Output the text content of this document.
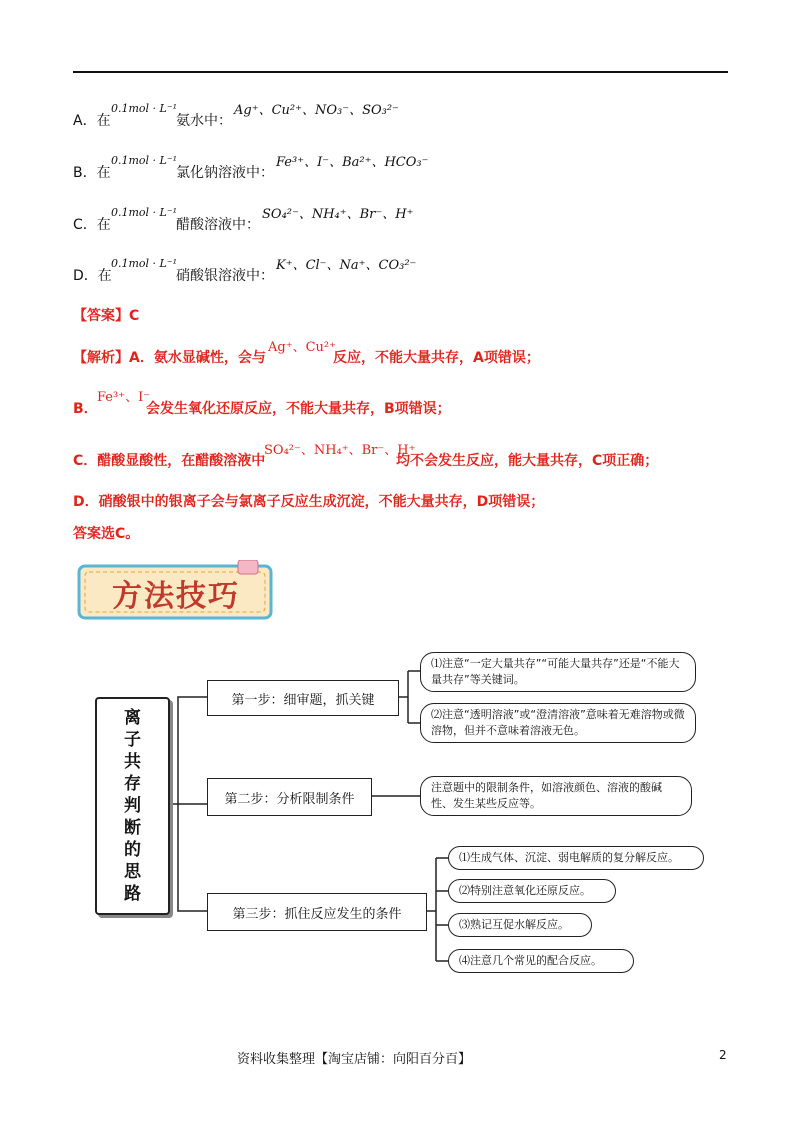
A．在
0.1mol · L⁻¹
氨水中：
Ag⁺、Cu²⁺、NO₃⁻、SO₃²⁻
B．在
0.1mol · L⁻¹
氯化钠溶液中：
Fe³⁺、I⁻、Ba²⁺、HCO₃⁻
C．在
0.1mol · L⁻¹
醋酸溶液中：
SO₄²⁻、NH₄⁺、Br⁻、H⁺
D．在
0.1mol · L⁻¹
硝酸银溶液中：
K⁺、Cl⁻、Na⁺、CO₃²⁻
【答案】C
【解析】A．氨水显碱性，会与
Ag⁺、Cu²⁺
反应，不能大量共存，A项错误；
B．
Fe³⁺、I⁻
会发生氧化还原反应，不能大量共存，B项错误；
C．醋酸显酸性，在醋酸溶液中
SO₄²⁻、NH₄⁺、Br⁻、H⁺
均不会发生反应，能大量共存，C项正确；
D．硝酸银中的银离子会与氯离子反应生成沉淀，不能大量共存，D项错误；
答案选C。
方法技巧
离子共存判断的思路
第一步：细审题，抓关键
第二步：分析限制条件
第三步：抓住反应发生的条件
⑴注意“一定大量共存”“可能大量共存”还是“不能大量共存”等关键词。
⑵注意“透明溶液”或“澄清溶液”意味着无难溶物或微溶物，但并不意味着溶液无色。
注意题中的限制条件，如溶液颜色、溶液的酸碱性、发生某些反应等。
⑴生成气体、沉淀、弱电解质的复分解反应。
⑵特别注意氧化还原反应。
⑶熟记互促水解反应。
⑷注意几个常见的配合反应。
资料收集整理【淘宝店铺：向阳百分百】	2
